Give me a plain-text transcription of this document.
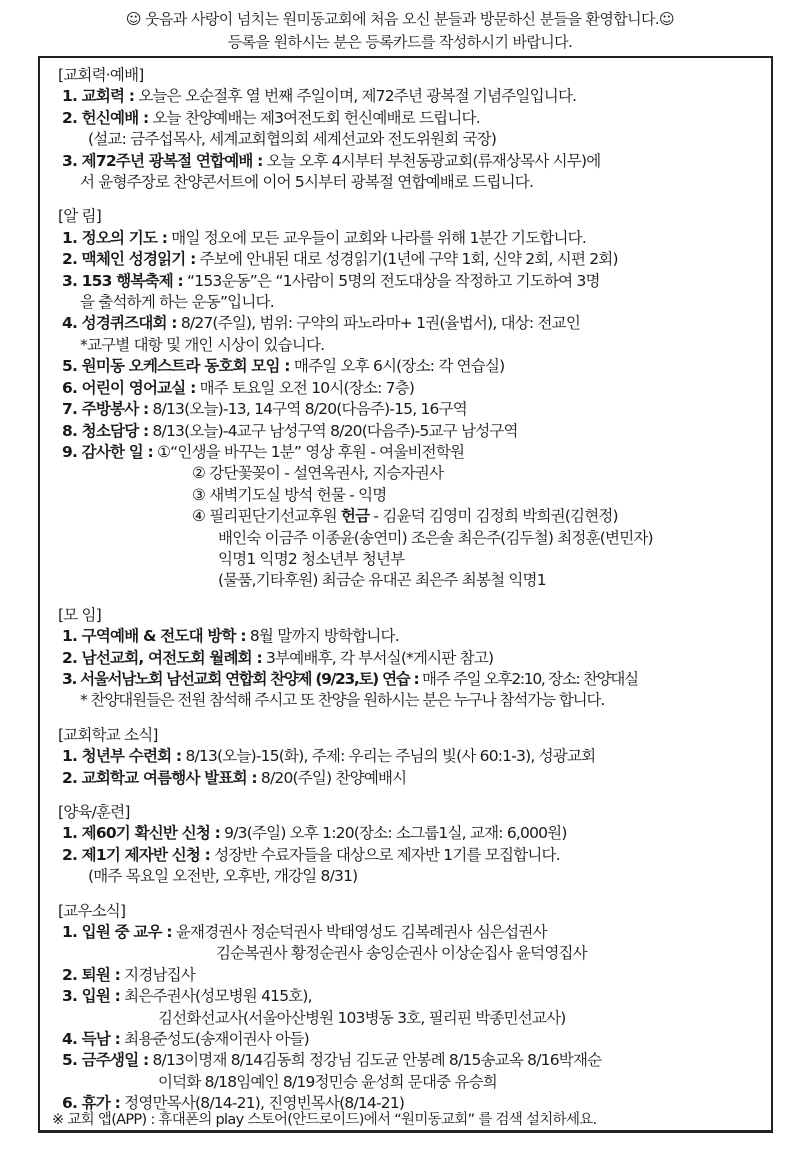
☺ 웃음과 사랑이 넘치는 원미동교회에 처음 오신 분들과 방문하신 분들을 환영합니다.☺
등록을 원하시는 분은 등록카드를 작성하시기 바랍니다.
[교회력·예배]
1. 교회력 : 오늘은 오순절후 열 번째 주일이며, 제72주년 광복절 기념주일입니다.
2. 헌신예배 : 오늘 찬양예배는 제3여전도회 헌신예배로 드립니다.
(설교: 금주섭목사, 세계교회협의회 세계선교와 전도위원회 국장)
3. 제72주년 광복절 연합예배 : 오늘 오후 4시부터 부천동광교회(류재상목사 시무)에
서 윤형주장로 찬양콘서트에 이어 5시부터 광복절 연합예배로 드립니다.
[알 림]
1. 정오의 기도 : 매일 정오에 모든 교우들이 교회와 나라를 위해 1분간 기도합니다.
2. 맥체인 성경읽기 : 주보에 안내된 대로 성경읽기(1년에 구약 1회, 신약 2회, 시편 2회)
3. 153 행복축제 : “153운동”은 “1사람이 5명의 전도대상을 작정하고 기도하여 3명
을 출석하게 하는 운동”입니다.
4. 성경퀴즈대회 : 8/27(주일), 범위: 구약의 파노라마+ 1권(율법서), 대상: 전교인
*교구별 대항 및 개인 시상이 있습니다.
5. 원미동 오케스트라 동호회 모임 : 매주일 오후 6시(장소: 각 연습실)
6. 어린이 영어교실 : 매주 토요일 오전 10시(장소: 7층)
7. 주방봉사 : 8/13(오늘)-13, 14구역 8/20(다음주)-15, 16구역
8. 청소담당 : 8/13(오늘)-4교구 남성구역 8/20(다음주)-5교구 남성구역
9. 감사한 일 : ①“인생을 바꾸는 1분” 영상 후원 - 여울비전학원
② 강단꽃꽂이 - 설연옥권사, 지승자권사
③ 새벽기도실 방석 헌물 - 익명
④ 필리핀단기선교후원 헌금 - 김윤덕 김영미 김정희 박희권(김현정)
배인숙 이금주 이종윤(송연미) 조은솔 최은주(김두철) 최정훈(변민자)
익명1 익명2 청소년부 청년부
(물품,기타후원) 최금순 유대곤 최은주 최봉철 익명1
[모 임]
1. 구역예배 & 전도대 방학 : 8월 말까지 방학합니다.
2. 남선교회, 여전도회 월례회 : 3부예배후, 각 부서실(*게시판 참고)
3. 서울서남노회 남선교회 연합회 찬양제 (9/23,토) 연습 : 매주 주일 오후2:10, 장소: 찬양대실
* 찬양대원들은 전원 참석해 주시고 또 찬양을 원하시는 분은 누구나 참석가능 합니다.
[교회학교 소식]
1. 청년부 수련회 : 8/13(오늘)-15(화), 주제: 우리는 주님의 빛(사 60:1-3), 성광교회
2. 교회학교 여름행사 발표회 : 8/20(주일) 찬양예배시
[양육/훈련]
1. 제60기 확신반 신청 : 9/3(주일) 오후 1:20(장소: 소그룹1실, 교재: 6,000원)
2. 제1기 제자반 신청 : 성장반 수료자들을 대상으로 제자반 1기를 모집합니다.
(매주 목요일 오전반, 오후반, 개강일 8/31)
[교우소식]
1. 입원 중 교우 : 윤재경권사 정순덕권사 박태영성도 김복례권사 심은섭권사
김순복권사 황정순권사 송잉순권사 이상순집사 윤덕영집사
2. 퇴원 : 지경남집사
3. 입원 : 최은주권사(성모병원 415호),
김선화선교사(서울아산병원 103병동 3호, 필리핀 박종민선교사)
4. 득남 : 최용준성도(송재이권사 아들)
5. 금주생일 : 8/13이명재 8/14김동희 정강님 김도균 안봉례 8/15송교옥 8/16박재순
이덕화 8/18임예인 8/19정민승 윤성희 문대중 유승희
6. 휴가 : 정영만목사(8/14-21), 진영빈목사(8/14-21)
※ 교회 앱(APP) : 휴대폰의 play 스토어(안드로이드)에서 “원미동교회” 를 검색 설치하세요.
